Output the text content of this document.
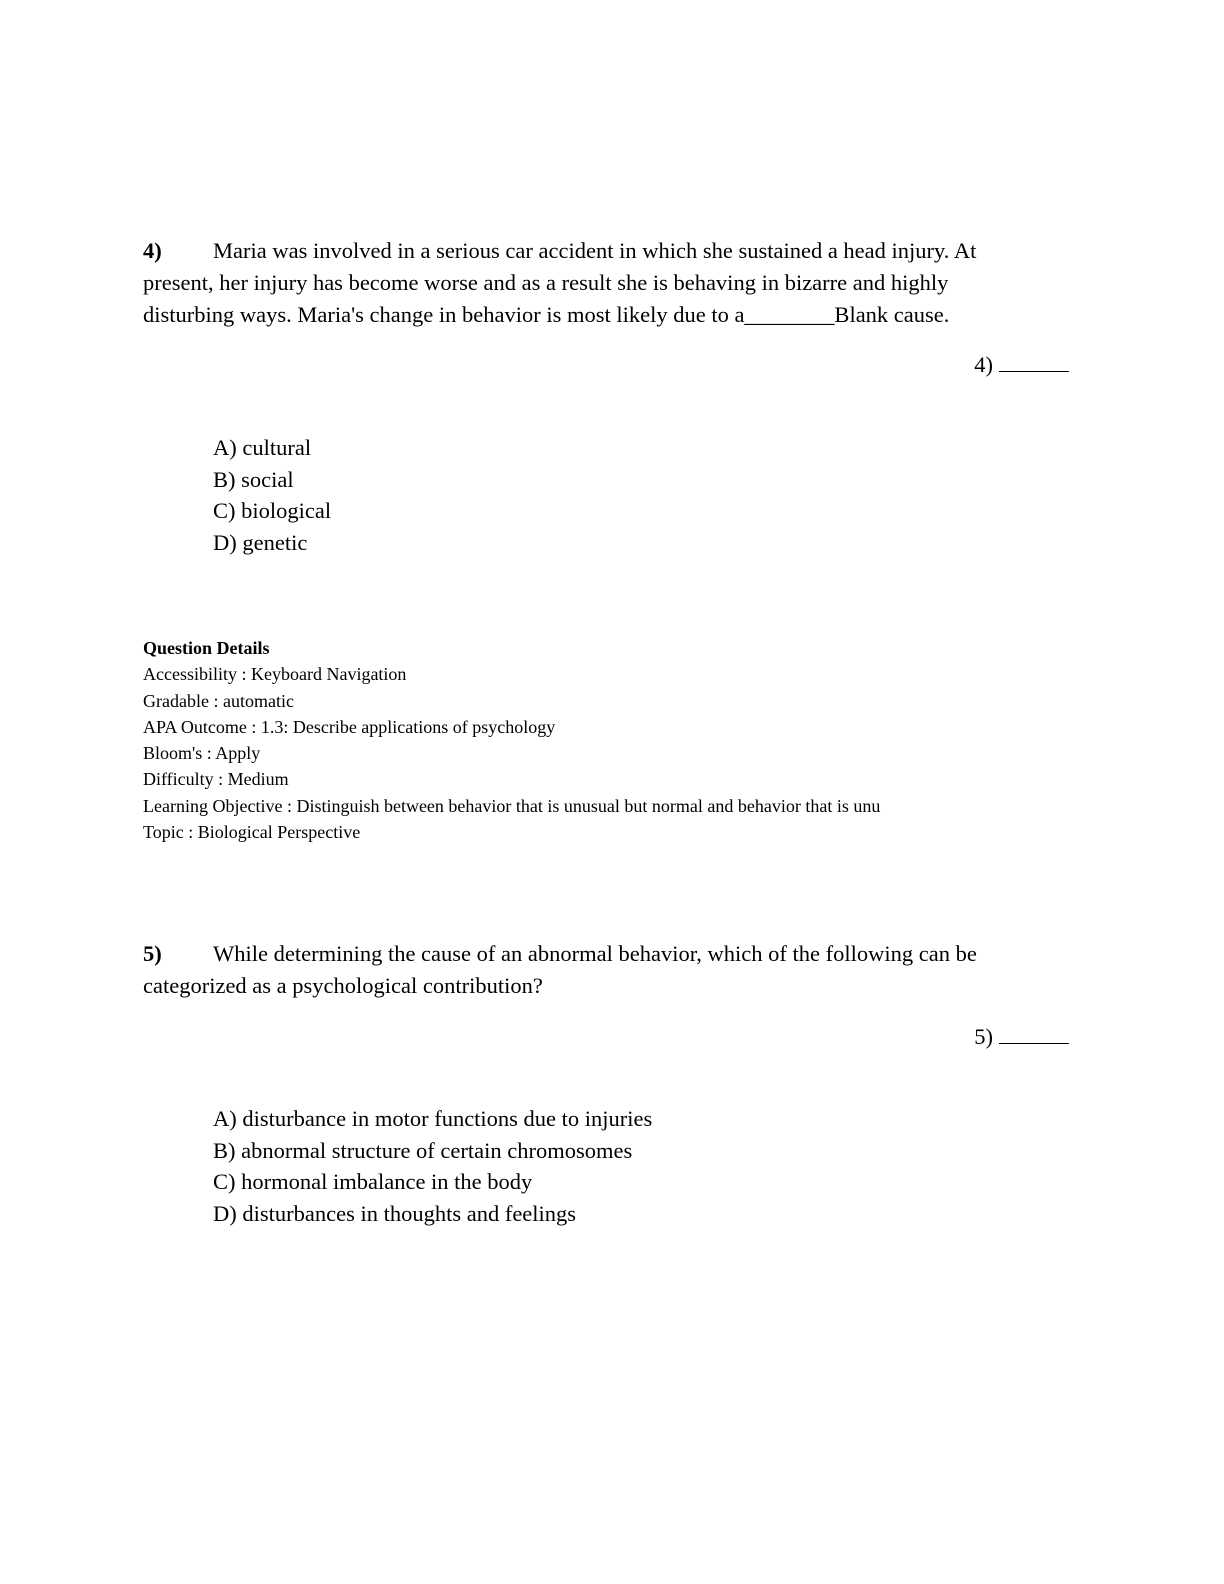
4) Maria was involved in a serious car accident in which she sustained a head injury. At present, her injury has become worse and as a result she is behaving in bizarre and highly disturbing ways. Maria's change in behavior is most likely due to a________Blank cause.
4)
A) cultural
B) social
C) biological
D) genetic
Question Details
Accessibility : Keyboard Navigation
Gradable : automatic
APA Outcome : 1.3: Describe applications of psychology
Bloom's : Apply
Difficulty : Medium
Learning Objective : Distinguish between behavior that is unusual but normal and behavior that is unu
Topic : Biological Perspective
5) While determining the cause of an abnormal behavior, which of the following can be categorized as a psychological contribution?
5)
A) disturbance in motor functions due to injuries
B) abnormal structure of certain chromosomes
C) hormonal imbalance in the body
D) disturbances in thoughts and feelings
